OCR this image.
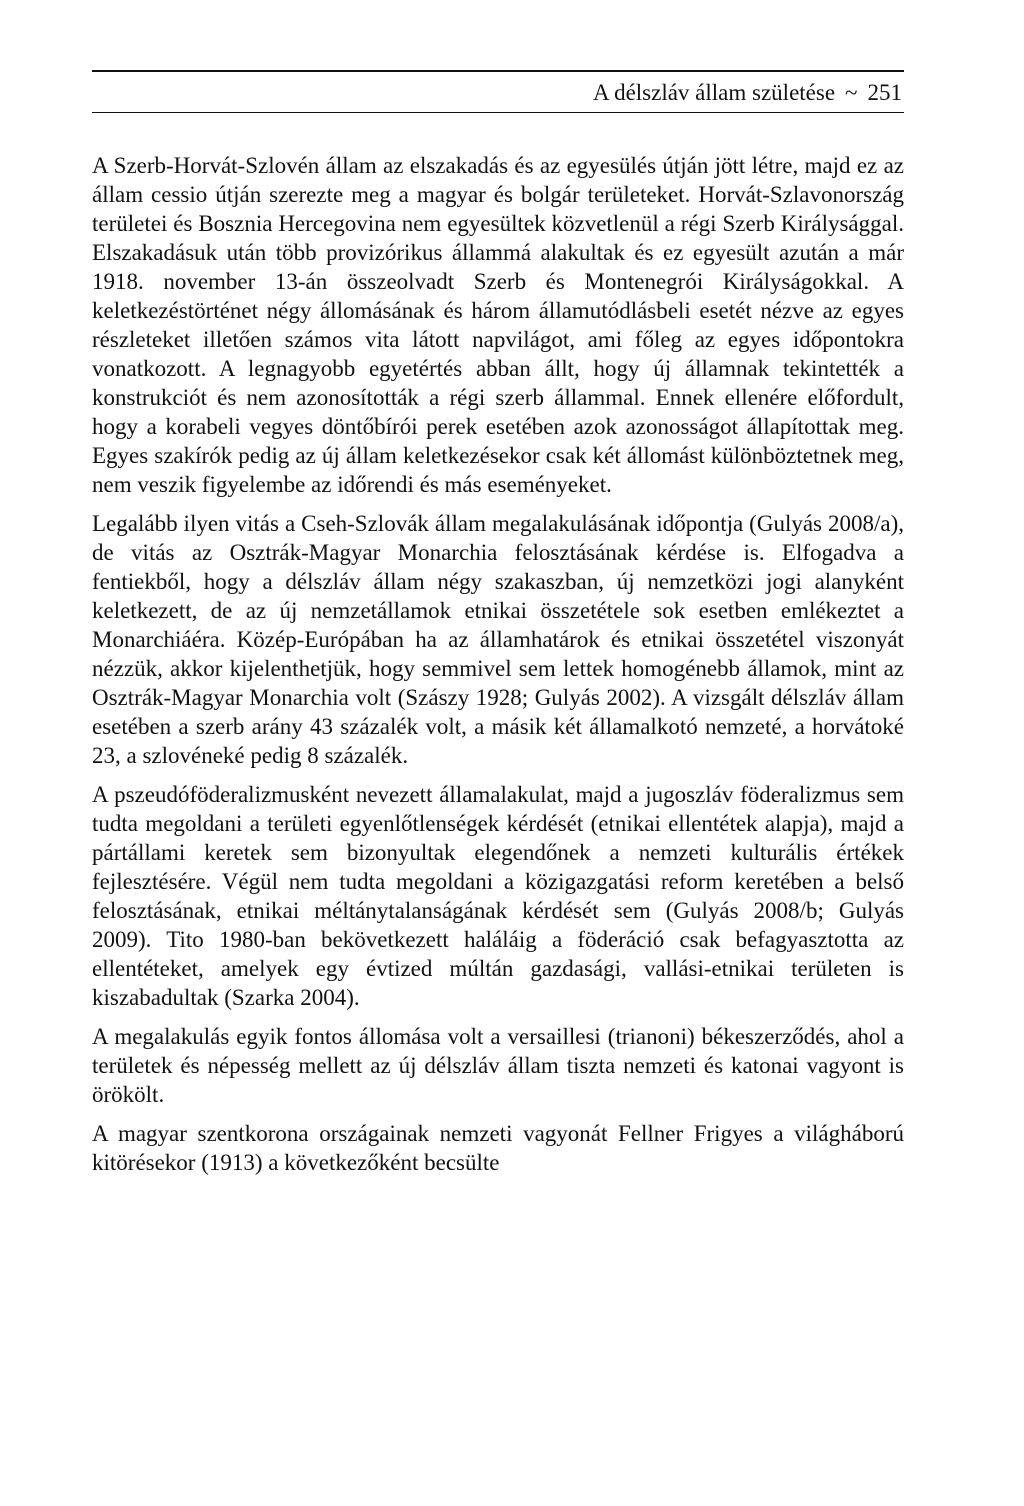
A délszláv állam születése ~ 251

A Szerb-Horvát-Szlovén állam az elszakadás és az egyesülés útján jött létre, majd ez az állam cessio útján szerezte meg a magyar és bolgár területeket. Horvát-Szlavonország területei és Bosznia Hercegovina nem egyesültek közvetlenül a régi Szerb Királysággal. Elszakadásuk után több provizórikus állammá alakultak és ez egyesült azután a már 1918. november 13-án összeolvadt Szerb és Montenegrói Királyságokkal. A keletkezéstörténet négy állomásának és három államutódlásbeli esetét nézve az egyes részleteket illetően számos vita látott napvilágot, ami főleg az egyes időpontokra vonatkozott. A legnagyobb egyetértés abban állt, hogy új államnak tekintették a konstrukciót és nem azonosították a régi szerb állammal. Ennek ellenére előfordult, hogy a korabeli vegyes döntőbírói perek esetében azok azonosságot állapítottak meg. Egyes szakírók pedig az új állam keletkezésekor csak két állomást különböztetnek meg, nem veszik figyelembe az időrendi és más eseményeket.

Legalább ilyen vitás a Cseh-Szlovák állam megalakulásának időpontja (Gulyás 2008/a), de vitás az Osztrák-Magyar Monarchia felosztásának kérdése is. Elfogadva a fentiekből, hogy a délszláv állam négy szakaszban, új nemzetközi jogi alanyként keletkezett, de az új nemzetállamok etnikai összetétele sok esetben emlékeztet a Monarchiáéra. Közép-Európában ha az államhatárok és etnikai összetétel viszonyát nézzük, akkor kijelenthetjük, hogy semmivel sem lettek homogénebb államok, mint az Osztrák-Magyar Monarchia volt (Szászy 1928; Gulyás 2002). A vizsgált délszláv állam esetében a szerb arány 43 százalék volt, a másik két államalkotó nemzeté, a horvátoké 23, a szlovéneké pedig 8 százalék.

A pszeudóföderalizmusként nevezett államalakulat, majd a jugoszláv föderalizmus sem tudta megoldani a területi egyenlőtlenségek kérdését (etnikai ellentétek alapja), majd a pártállami keretek sem bizonyultak elegendőnek a nemzeti kulturális értékek fejlesztésére. Végül nem tudta megoldani a közigazgatási reform keretében a belső felosztásának, etnikai méltánytalanságának kérdését sem (Gulyás 2008/b; Gulyás 2009). Tito 1980-ban bekövetkezett haláláig a föderáció csak befagyasztotta az ellentéteket, amelyek egy évtized múltán gazdasági, vallási-etnikai területen is kiszabadultak (Szarka 2004).

A megalakulás egyik fontos állomása volt a versaillesi (trianoni) békeszerződés, ahol a területek és népesség mellett az új délszláv állam tiszta nemzeti és katonai vagyont is örökölt.

A magyar szentkorona országainak nemzeti vagyonát Fellner Frigyes a világháború kitörésekor (1913) a következőként becsülte
